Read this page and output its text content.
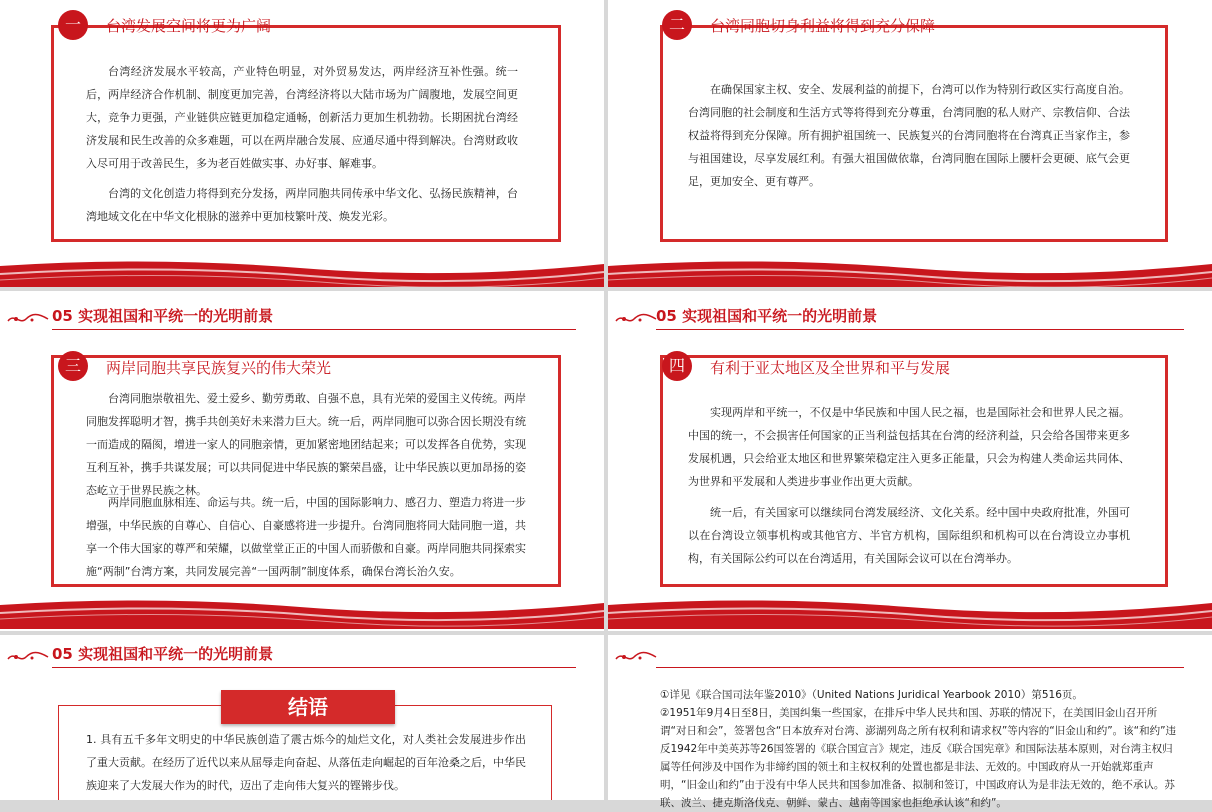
一	台湾发展空间将更为广阔
台湾经济发展水平较高，产业特色明显，对外贸易发达，两岸经济互补性强。统一后，两岸经济合作机制、制度更加完善，台湾经济将以大陆市场为广阔腹地，发展空间更大，竞争力更强，产业链供应链更加稳定通畅，创新活力更加生机勃勃。长期困扰台湾经济发展和民生改善的众多难题，可以在两岸融合发展、应通尽通中得到解决。台湾财政收入尽可用于改善民生，多为老百姓做实事、办好事、解难事。
台湾的文化创造力将得到充分发扬，两岸同胞共同传承中华文化、弘扬民族精神，台湾地域文化在中华文化根脉的滋养中更加枝繁叶茂、焕发光彩。
二	台湾同胞切身利益将得到充分保障
在确保国家主权、安全、发展利益的前提下，台湾可以作为特别行政区实行高度自治。台湾同胞的社会制度和生活方式等将得到充分尊重，台湾同胞的私人财产、宗教信仰、合法权益将得到充分保障。所有拥护祖国统一、民族复兴的台湾同胞将在台湾真正当家作主，参与祖国建设，尽享发展红利。有强大祖国做依靠，台湾同胞在国际上腰杆会更硬、底气会更足，更加安全、更有尊严。
05 实现祖国和平统一的光明前景
三	两岸同胞共享民族复兴的伟大荣光
台湾同胞崇敬祖先、爱土爱乡、勤劳勇敢、自强不息，具有光荣的爱国主义传统。两岸同胞发挥聪明才智，携手共创美好未来潜力巨大。统一后，两岸同胞可以弥合因长期没有统一而造成的隔阂，增进一家人的同胞亲情，更加紧密地团结起来；可以发挥各自优势，实现互利互补，携手共谋发展；可以共同促进中华民族的繁荣昌盛，让中华民族以更加昂扬的姿态屹立于世界民族之林。
两岸同胞血脉相连、命运与共。统一后，中国的国际影响力、感召力、塑造力将进一步增强，中华民族的自尊心、自信心、自豪感将进一步提升。台湾同胞将同大陆同胞一道，共享一个伟大国家的尊严和荣耀，以做堂堂正正的中国人而骄傲和自豪。两岸同胞共同探索实施“两制”台湾方案，共同发展完善“一国两制”制度体系，确保台湾长治久安。
05 实现祖国和平统一的光明前景
四	有利于亚太地区及全世界和平与发展
实现两岸和平统一，不仅是中华民族和中国人民之福，也是国际社会和世界人民之福。中国的统一，不会损害任何国家的正当利益包括其在台湾的经济利益，只会给各国带来更多发展机遇，只会给亚太地区和世界繁荣稳定注入更多正能量，只会为构建人类命运共同体、为世界和平发展和人类进步事业作出更大贡献。
统一后，有关国家可以继续同台湾发展经济、文化关系。经中国中央政府批准，外国可以在台湾设立领事机构或其他官方、半官方机构，国际组织和机构可以在台湾设立办事机构，有关国际公约可以在台湾适用，有关国际会议可以在台湾举办。
05 实现祖国和平统一的光明前景
1. 具有五千多年文明史的中华民族创造了震古烁今的灿烂文化，对人类社会发展进步作出了重大贡献。在经历了近代以来从屈辱走向奋起、从落伍走向崛起的百年沧桑之后，中华民族迎来了大发展大作为的时代，迈出了走向伟大复兴的铿锵步伐。
结语	①详见《联合国司法年鉴2010》（United Nations Juridical Yearbook 2010）第516页。
②1951年9月4日至8日，美国纠集一些国家，在排斥中华人民共和国、苏联的情况下，在美国旧金山召开所谓“对日和会”，签署包含“日本放弃对台湾、澎湖列岛之所有权利和请求权”等内容的“旧金山和约”。该“和约”违反1942年中美英苏等26国签署的《联合国宣言》规定，违反《联合国宪章》和国际法基本原则，对台湾主权归属等任何涉及中国作为非缔约国的领土和主权权利的处置也都是非法、无效的。中国政府从一开始就郑重声明，“旧金山和约”由于没有中华人民共和国参加准备、拟制和签订，中国政府认为是非法无效的，绝不承认。苏联、波兰、捷克斯洛伐克、朝鲜、蒙古、越南等国家也拒绝承认该“和约”。
